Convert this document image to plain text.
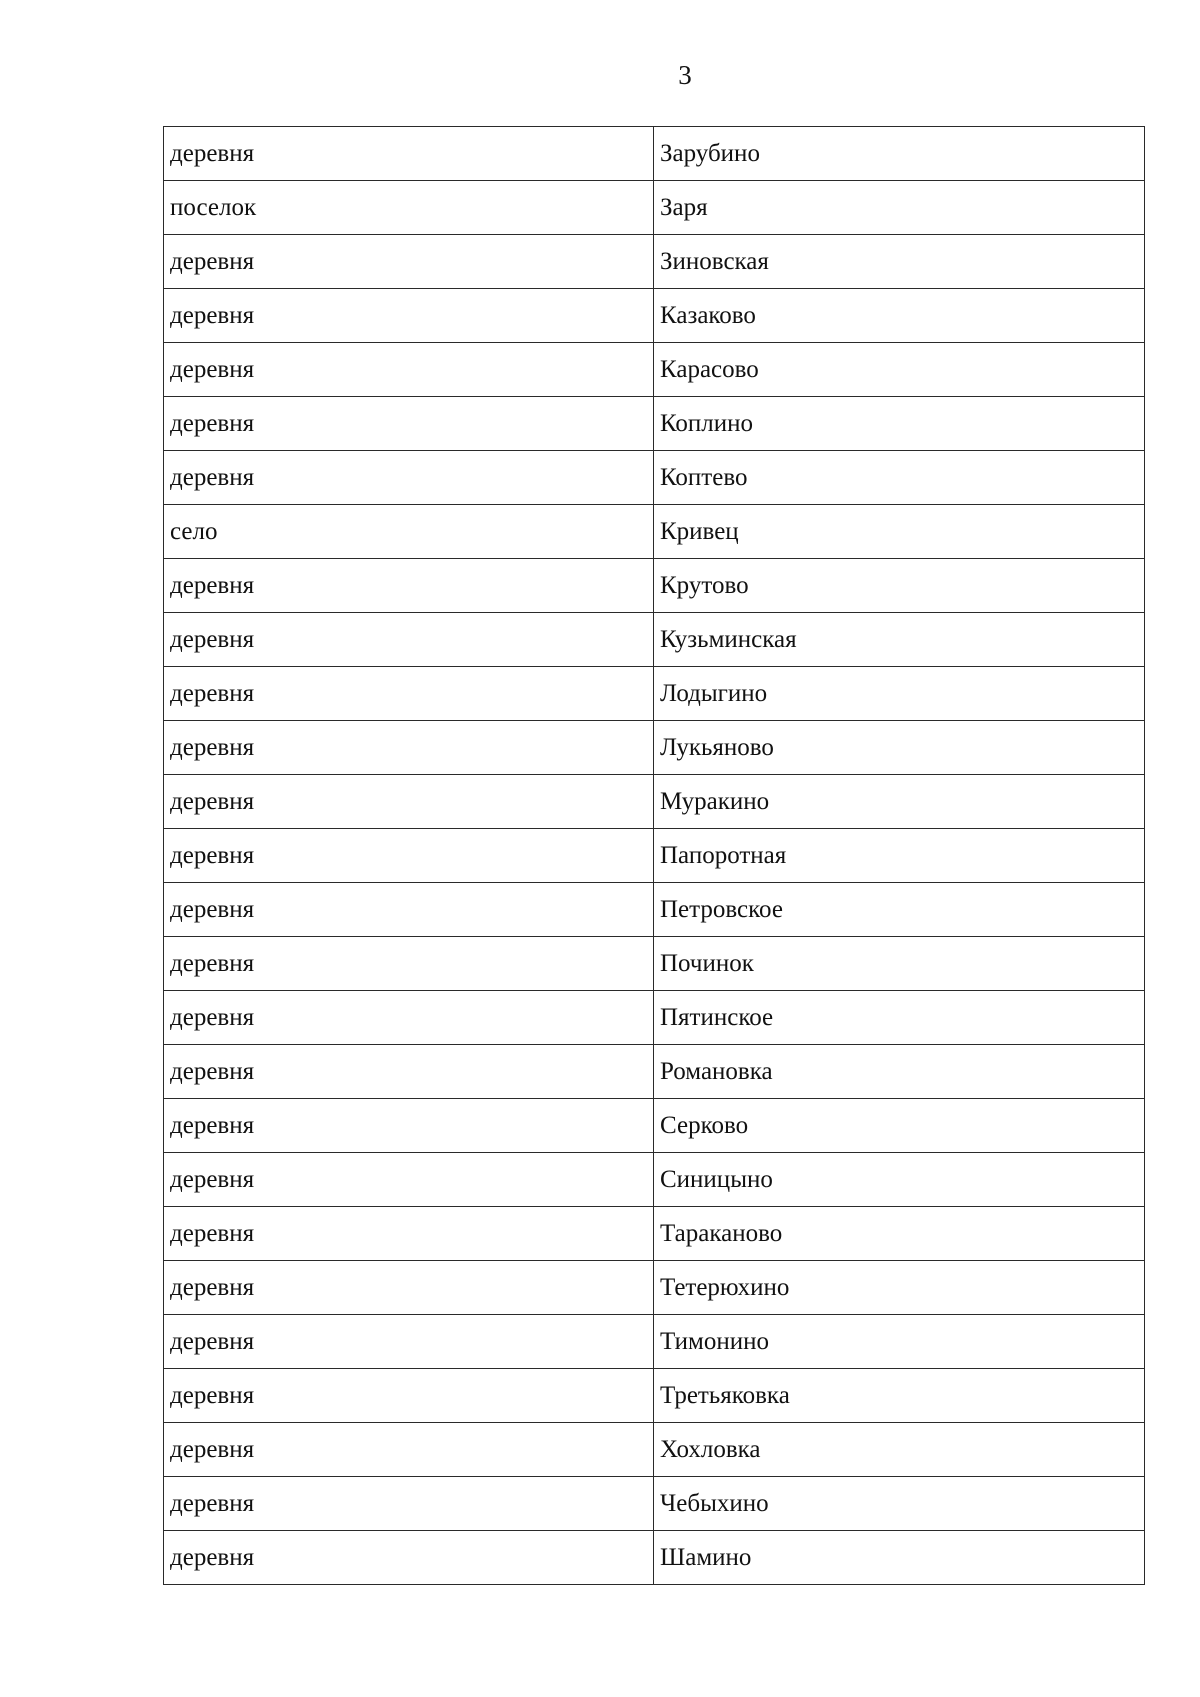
3
деревня	Зарубино
поселок	Заря
деревня	Зиновская
деревня	Казаково
деревня	Карасово
деревня	Коплино
деревня	Коптево
село	Кривец
деревня	Крутово
деревня	Кузьминская
деревня	Лодыгино
деревня	Лукьяново
деревня	Муракино
деревня	Папоротная
деревня	Петровское
деревня	Починок
деревня	Пятинское
деревня	Романовка
деревня	Серково
деревня	Синицыно
деревня	Тараканово
деревня	Тетерюхино
деревня	Тимонино
деревня	Третьяковка
деревня	Хохловка
деревня	Чебыхино
деревня	Шамино
